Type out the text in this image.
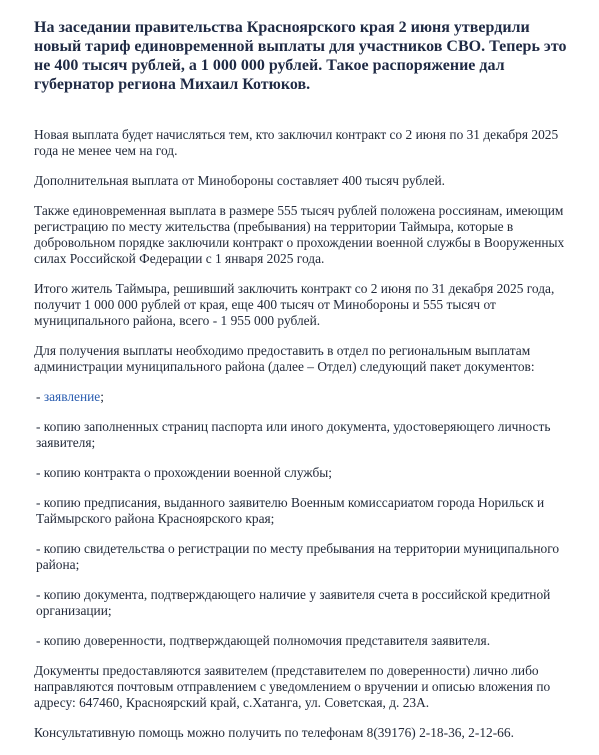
На заседании правительства Красноярского края 2 июня утвердили новый тариф единовременной выплаты для участников СВО. Теперь это не 400 тысяч рублей, а 1 000 000 рублей. Такое распоряжение дал губернатор региона Михаил Котюков.

Новая выплата будет начисляться тем, кто заключил контракт со 2 июня по 31 декабря 2025 года не менее чем на год.

Дополнительная выплата от Минобороны составляет 400 тысяч рублей.

Также единовременная выплата в размере 555 тысяч рублей положена россиянам, имеющим регистрацию по месту жительства (пребывания) на территории Таймыра, которые в добровольном порядке заключили контракт о прохождении военной службы в Вооруженных силах Российской Федерации с 1 января 2025 года.

Итого житель Таймыра, решивший заключить контракт со 2 июня по 31 декабря 2025 года, получит 1 000 000 рублей от края, еще 400 тысяч от Минобороны и 555 тысяч от муниципального района, всего - 1 955 000 рублей.

Для получения выплаты необходимо предоставить в отдел по региональным выплатам администрации муниципального района (далее – Отдел) следующий пакет документов:

- заявление;
- копию заполненных страниц паспорта или иного документа, удостоверяющего личность заявителя;
- копию контракта о прохождении военной службы;
- копию предписания, выданного заявителю Военным комиссариатом города Норильск и Таймырского района Красноярского края;
- копию свидетельства о регистрации по месту пребывания на территории муниципального района;
- копию документа, подтверждающего наличие у заявителя счета в российской кредитной организации;
- копию доверенности, подтверждающей полномочия представителя заявителя.

Документы предоставляются заявителем (представителем по доверенности) лично либо направляются почтовым отправлением с уведомлением о вручении и описью вложения по адресу: 647460, Красноярский край, с.Хатанга, ул. Советская, д. 23А.

Консультативную помощь можно получить по телефонам 8(39176) 2-18-36, 2-12-66.
